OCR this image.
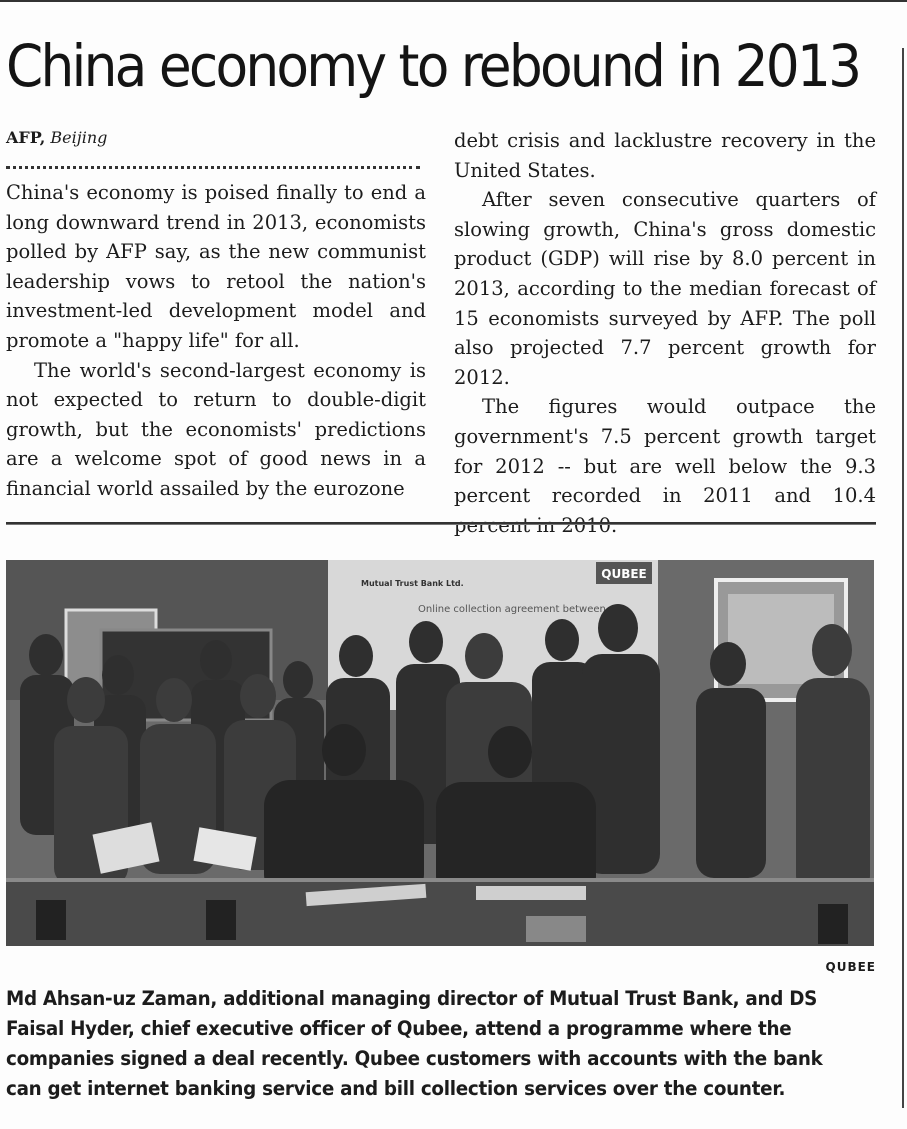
China economy to rebound in 2013
AFP, Beijing

China's economy is poised finally to end a long downward trend in 2013, economists polled by AFP say, as the new communist leadership vows to retool the nation's investment-led development model and promote a "happy life" for all.

The world's second-largest economy is not expected to return to double-digit growth, but the economists' predictions are a welcome spot of good news in a financial world assailed by the eurozone

debt crisis and lacklustre recovery in the United States.

After seven consecutive quarters of slowing growth, China's gross domestic product (GDP) will rise by 8.0 percent in 2013, according to the median forecast of 15 economists surveyed by AFP. The poll also projected 7.7 percent growth for 2012.

The figures would outpace the government's 7.5 percent growth target for 2012 -- but are well below the 9.3 percent recorded in 2011 and 10.4 percent in 2010.

QUBEE
Mutual Trust Bank Ltd.
Online collection agreement between
QUBEE
Md Ahsan-uz Zaman, additional managing director of Mutual Trust Bank, and DS Faisal Hyder, chief executive officer of Qubee, attend a programme where the companies signed a deal recently. Qubee customers with accounts with the bank can get internet banking service and bill collection services over the counter.
